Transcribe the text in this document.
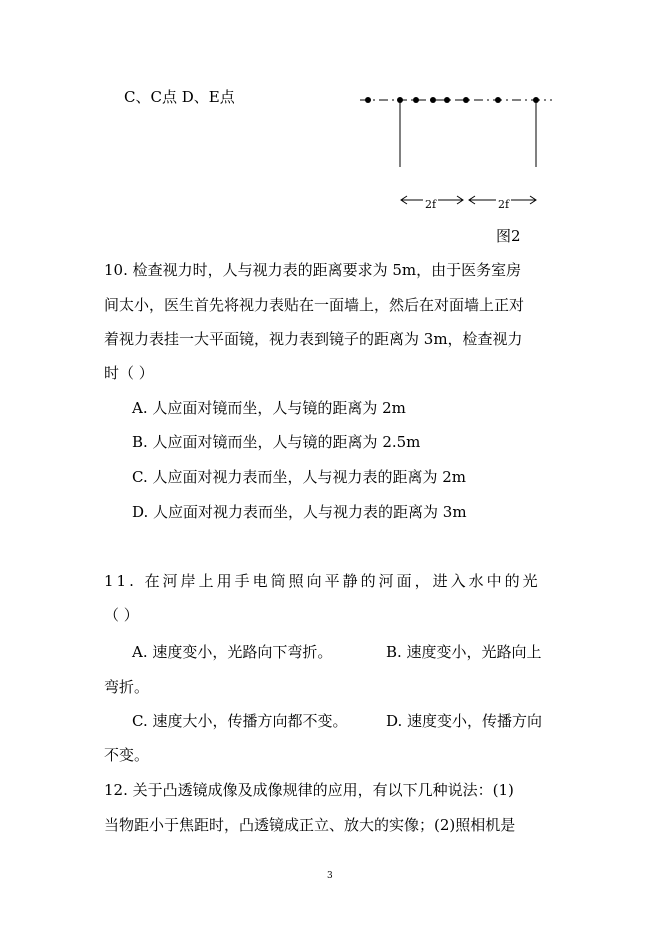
C、C点 D、E点
2f	2f
图2
10. 检查视力时，人与视力表的距离要求为 5m，由于医务室房
间太小，医生首先将视力表贴在一面墙上，然后在对面墙上正对
着视力表挂一大平面镜，视力表到镜子的距离为 3m，检查视力
时（ ）
A. 人应面对镜而坐，人与镜的距离为 2m
B. 人应面对镜而坐，人与镜的距离为 2.5m
C. 人应面对视力表而坐，人与视力表的距离为 2m
D. 人应面对视力表而坐，人与视力表的距离为 3m
11. 在河岸上用手电筒照向平静的河面，进入水中的光
（ ）
A. 速度变小，光路向下弯折。	B. 速度变小，光路向上
弯折。
C. 速度大小，传播方向都不变。	D. 速度变小，传播方向
不变。
12. 关于凸透镜成像及成像规律的应用，有以下几种说法：(1)
当物距小于焦距时，凸透镜成正立、放大的实像；(2)照相机是
3
